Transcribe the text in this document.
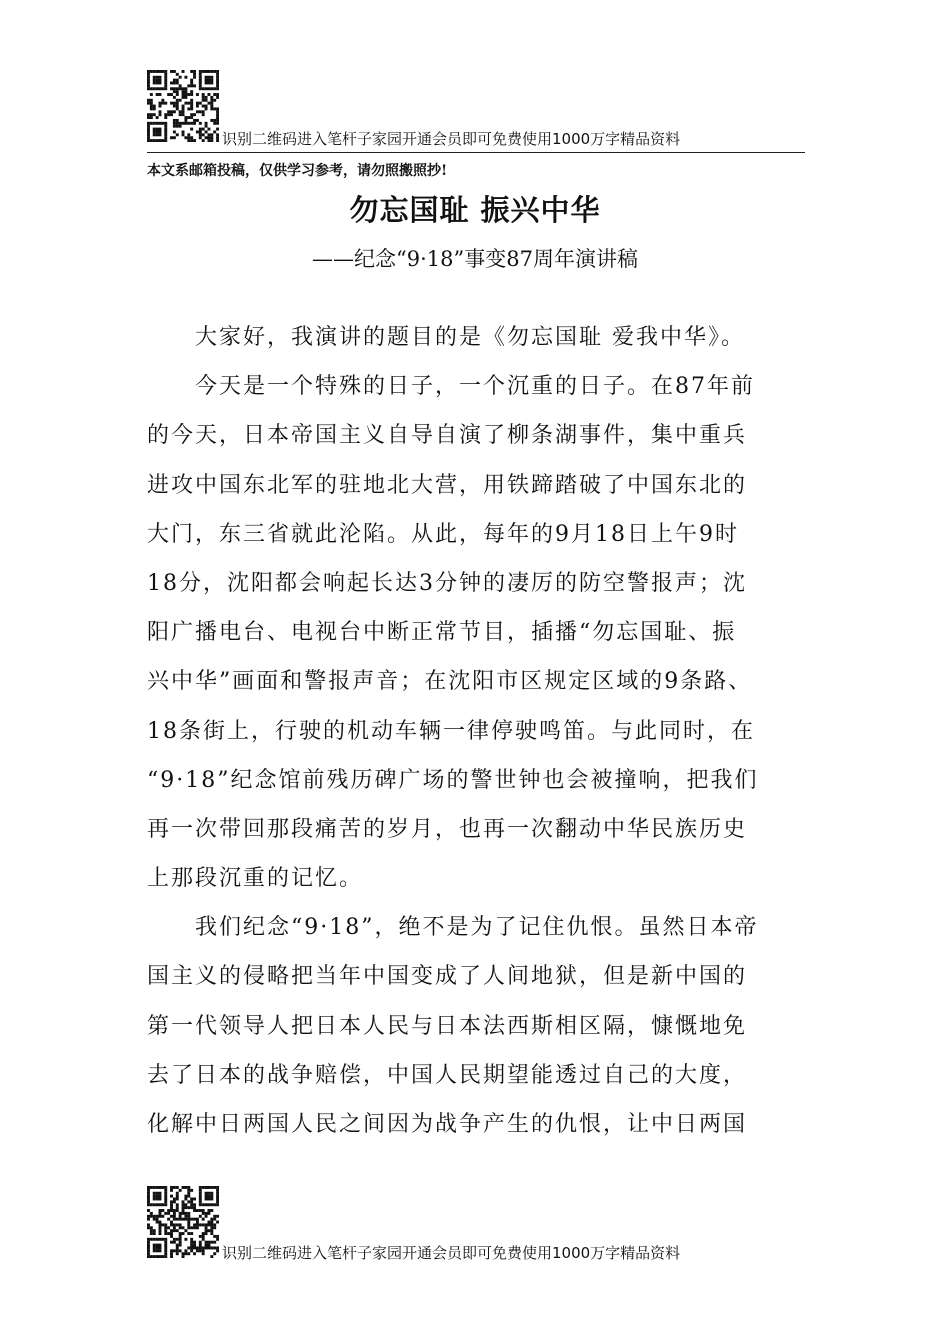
识别二维码进入笔杆子家园开通会员即可免费使用1000万字精品资料
本文系邮箱投稿，仅供学习参考，请勿照搬照抄!
勿忘国耻 振兴中华
——纪念“9·18”事变87周年演讲稿
大家好，我演讲的题目的是《勿忘国耻 爱我中华》。
今天是一个特殊的日子，一个沉重的日子。在87年前
的今天，日本帝国主义自导自演了柳条湖事件，集中重兵
进攻中国东北军的驻地北大营，用铁蹄踏破了中国东北的
大门，东三省就此沦陷。从此，每年的9月18日上午9时
18分，沈阳都会响起长达3分钟的凄厉的防空警报声；沈
阳广播电台、电视台中断正常节目，插播“勿忘国耻、振
兴中华”画面和警报声音；在沈阳市区规定区域的9条路、
18条街上，行驶的机动车辆一律停驶鸣笛。与此同时，在
“9·18”纪念馆前残历碑广场的警世钟也会被撞响，把我们
再一次带回那段痛苦的岁月，也再一次翻动中华民族历史
上那段沉重的记忆。
我们纪念“9·18”，绝不是为了记住仇恨。虽然日本帝
国主义的侵略把当年中国变成了人间地狱，但是新中国的
第一代领导人把日本人民与日本法西斯相区隔，慷慨地免
去了日本的战争赔偿，中国人民期望能透过自己的大度，
化解中日两国人民之间因为战争产生的仇恨，让中日两国
识别二维码进入笔杆子家园开通会员即可免费使用1000万字精品资料
